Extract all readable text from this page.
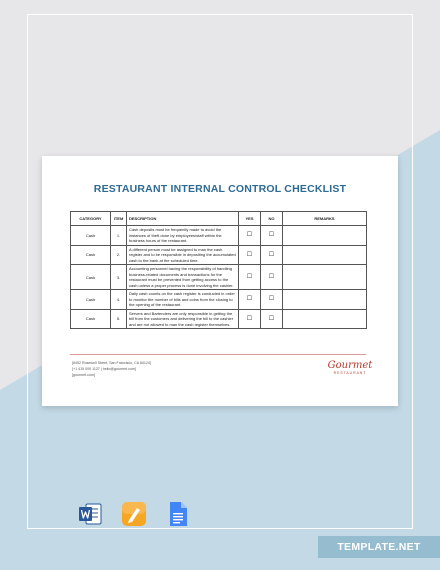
RESTAURANT INTERNAL CONTROL CHECKLIST
CATEGORY	ITEM	DESCRIPTION	YES	NO	REMARKS
Cash	1.	Cash deposits must be frequently made to avoid the instances of theft done by employees/staff within the business hours of the restaurant.	☐	☐	
Cash	2.	A different person must be assigned to man the cash register and to be responsible in depositing the accumulated cash to the bank at the scheduled time.	☐	☐	
Cash	3.	Accounting personnel having the responsibility of handling business-related documents and transactions for the restaurant must be prevented from getting access to the cash unless a proper process is done involving the cashier.	☐	☐	
Cash	4.	Daily cash counts on the cash register is conducted in order to monitor the number of bills and coins from the closing to the opening of the restaurant.	☐	☐	
Cash	5.	Servers and Bartenders are only responsible in getting the bill from the customers and delivering the bill to the cashier and are not allowed to man the cash register themselves.	☐	☐	
[6452 Rosewell Street, San Francisco, CA 84124]
[+1 415 000 1127 | hello@gourmet.com]
[gourmet.com]
Gourmet
RESTAURANT
TEMPLATE.NET
